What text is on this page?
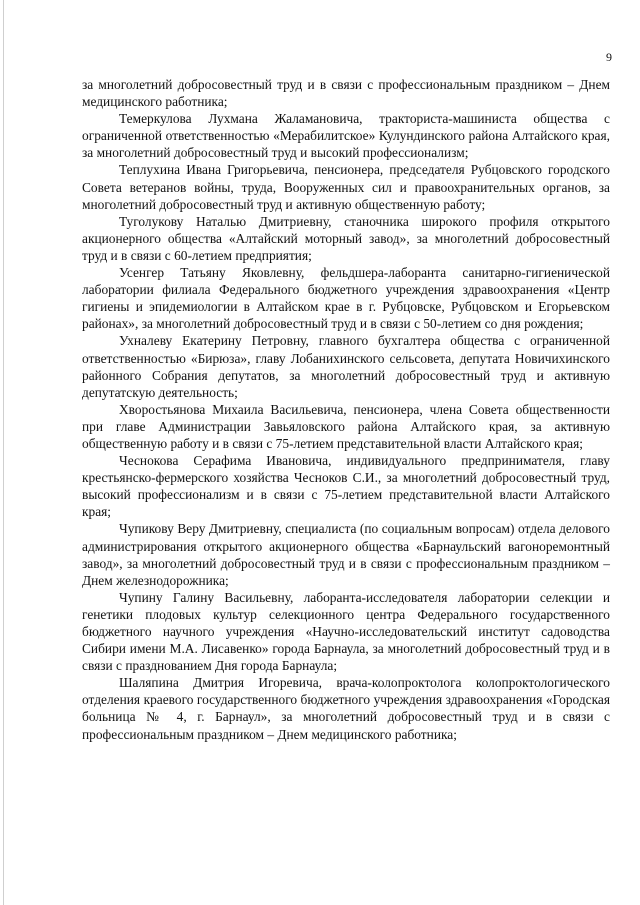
9

за многолетний добросовестный труд и в связи с профессиональным праздником – Днем медицинского работника;

Темеркулова Лухмана Жаламановича, тракториста-машиниста общества с ограниченной ответственностью «Мерабилитское» Кулундинского района Алтайского края, за многолетний добросовестный труд и высокий профессионализм;

Теплухина Ивана Григорьевича, пенсионера, председателя Рубцовского городского Совета ветеранов войны, труда, Вооруженных сил и правоохранительных органов, за многолетний добросовестный труд и активную общественную работу;

Туголукову Наталью Дмитриевну, станочника широкого профиля открытого акционерного общества «Алтайский моторный завод», за многолетний добросовестный труд и в связи с 60-летием предприятия;

Усенгер Татьяну Яковлевну, фельдшера-лаборанта санитарно-гигиенической лаборатории филиала Федерального бюджетного учреждения здравоохранения «Центр гигиены и эпидемиологии в Алтайском крае в г. Рубцовске, Рубцовском и Егорьевском районах», за многолетний добросовестный труд и в связи с 50-летием со дня рождения;

Ухналеву Екатерину Петровну, главного бухгалтера общества с ограниченной ответственностью «Бирюза», главу Лобанихинского сельсовета, депутата Новичихинского районного Собрания депутатов, за многолетний добросовестный труд и активную депутатскую деятельность;

Хворостьянова Михаила Васильевича, пенсионера, члена Совета общественности при главе Администрации Завьяловского района Алтайского края, за активную общественную работу и в связи с 75-летием представительной власти Алтайского края;

Чеснокова Серафима Ивановича, индивидуального предпринимателя, главу крестьянско-фермерского хозяйства Чесноков С.И., за многолетний добросовестный труд, высокий профессионализм и в связи с 75-летием представительной власти Алтайского края;

Чупикову Веру Дмитриевну, специалиста (по социальным вопросам) отдела делового администрирования открытого акционерного общества «Барнаульский вагоноремонтный завод», за многолетний добросовестный труд и в связи с профессиональным праздником – Днем железнодорожника;

Чупину Галину Васильевну, лаборанта-исследователя лаборатории селекции и генетики плодовых культур селекционного центра Федерального государственного бюджетного научного учреждения «Научно-исследовательский институт садоводства Сибири имени М.А. Лисавенко» города Барнаула, за многолетний добросовестный труд и в связи с празднованием Дня города Барнаула;

Шаляпина Дмитрия Игоревича, врача-колопроктолога колопроктологического отделения краевого государственного бюджетного учреждения здравоохранения «Городская больница № 4, г. Барнаул», за многолетний добросовестный труд и в связи с профессиональным праздником – Днем медицинского работника;
